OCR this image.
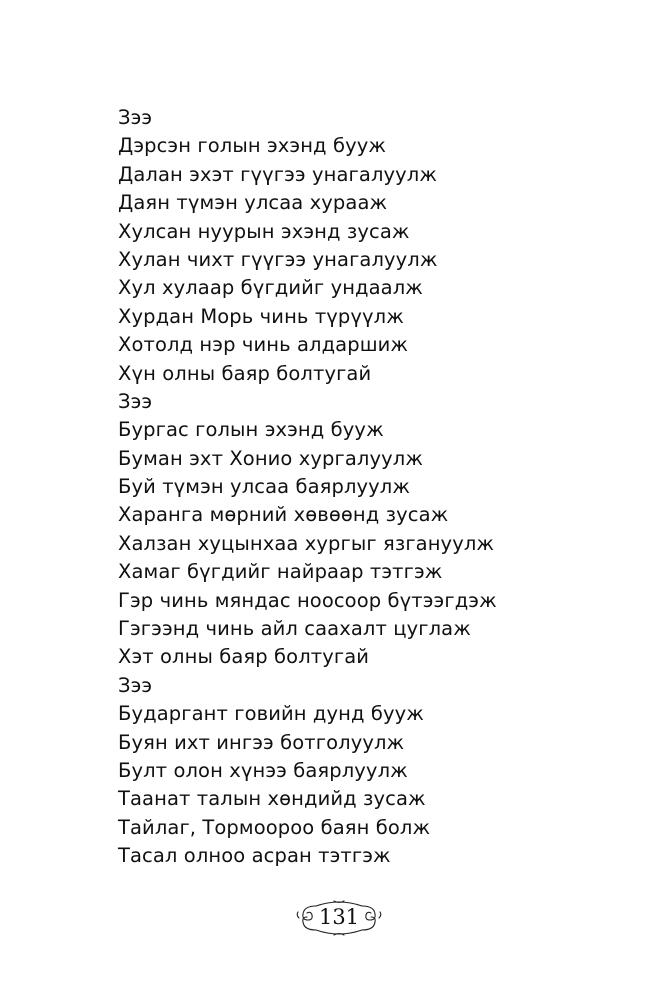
Зээ
Дэрсэн голын эхэнд бууж
Далан эхэт гүүгээ унагалуулж
Даян түмэн улсаа хурааж
Хулсан нуурын эхэнд зусаж
Хулан чихт гүүгээ унагалуулж
Хул хулаар бүгдийг ундаалж
Хурдан Морь чинь түрүүлж
Хотолд нэр чинь алдаршиж
Хүн олны баяр болтугай
Зээ
Бургас голын эхэнд бууж
Буман эхт Хонио хургалуулж
Буй түмэн улсаа баярлуулж
Харанга мөрний хөвөөнд зусаж
Халзан хуцынхаа хургыг язгануулж
Хамаг бүгдийг найраар тэтгэж
Гэр чинь мяндас ноосоор бүтээгдэж
Гэгээнд чинь айл саахалт цуглаж
Хэт олны баяр болтугай
Зээ
Бударгант говийн дунд бууж
Буян ихт ингээ ботголуулж
Булт олон хүнээ баярлуулж
Таанат талын хөндийд зусаж
Тайлаг, Тормоороо баян болж
Тасал олноо асран тэтгэж
131
